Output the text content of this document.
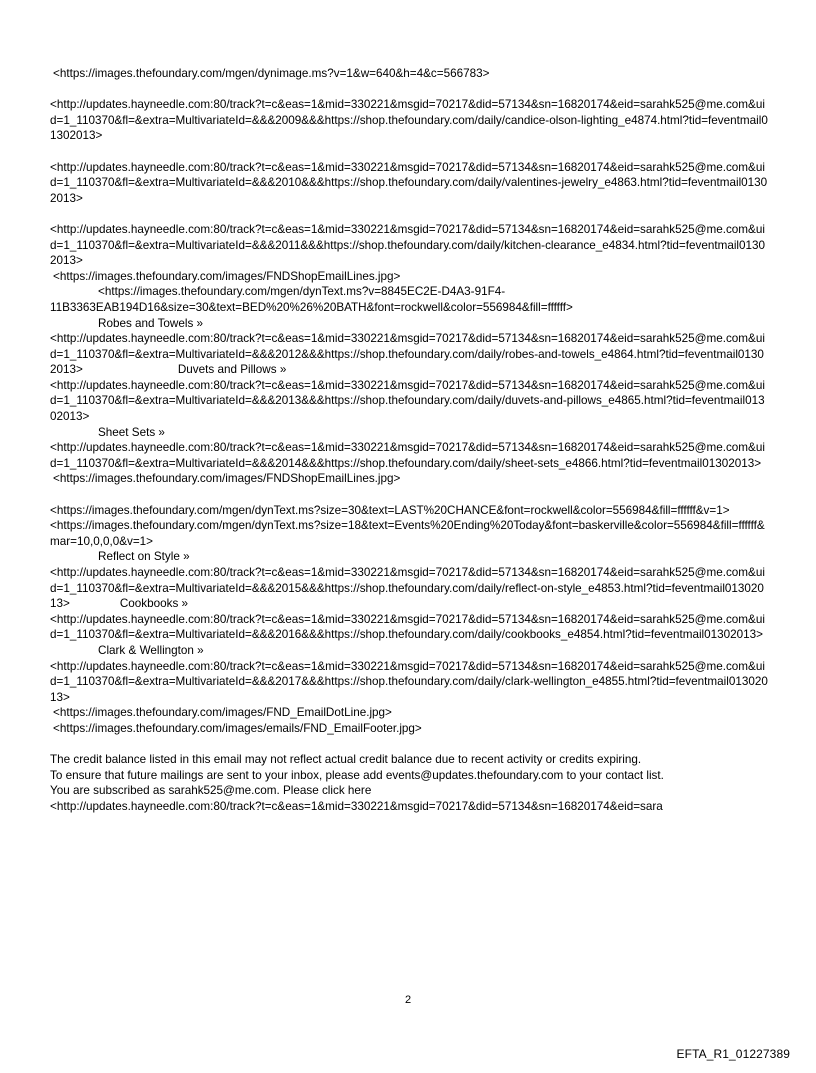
<https://images.thefoundary.com/mgen/dynimage.ms?v=1&w=640&h=4&c=566783>

<http://updates.hayneedle.com:80/track?t=c&eas=1&mid=330221&msgid=70217&did=57134&sn=16820174&eid=sarahk525@me.com&uid=1_110370&fl=&extra=MultivariateId=&&&2009&&&https://shop.thefoundary.com/daily/candice-olson-lighting_e4874.html?tid=feventmail01302013>

<http://updates.hayneedle.com:80/track?t=c&eas=1&mid=330221&msgid=70217&did=57134&sn=16820174&eid=sarahk525@me.com&uid=1_110370&fl=&extra=MultivariateId=&&&2010&&&https://shop.thefoundary.com/daily/valentines-jewelry_e4863.html?tid=feventmail01302013>

<http://updates.hayneedle.com:80/track?t=c&eas=1&mid=330221&msgid=70217&did=57134&sn=16820174&eid=sarahk525@me.com&uid=1_110370&fl=&extra=MultivariateId=&&&2011&&&https://shop.thefoundary.com/daily/kitchen-clearance_e4834.html?tid=feventmail01302013>

<https://images.thefoundary.com/images/FNDShopEmailLines.jpg>

<https://images.thefoundary.com/mgen/dynText.ms?v=8845EC2E-D4A3-91F4-

11B3363EAB194D16&size=30&text=BED%20%26%20BATH&font=rockwell&color=556984&fill=ffffff>

Robes and Towels »

<http://updates.hayneedle.com:80/track?t=c&eas=1&mid=330221&msgid=70217&did=57134&sn=16820174&eid=sarahk525@me.com&uid=1_110370&fl=&extra=MultivariateId=&&&2012&&&https://shop.thefoundary.com/daily/robes-and-towels_e4864.html?tid=feventmail01302013>	Duvets and Pillows »

<http://updates.hayneedle.com:80/track?t=c&eas=1&mid=330221&msgid=70217&did=57134&sn=16820174&eid=sarahk525@me.com&uid=1_110370&fl=&extra=MultivariateId=&&&2013&&&https://shop.thefoundary.com/daily/duvets-and-pillows_e4865.html?tid=feventmail01302013>

Sheet Sets »

<http://updates.hayneedle.com:80/track?t=c&eas=1&mid=330221&msgid=70217&did=57134&sn=16820174&eid=sarahk525@me.com&uid=1_110370&fl=&extra=MultivariateId=&&&2014&&&https://shop.thefoundary.com/daily/sheet-sets_e4866.html?tid=feventmail01302013>

<https://images.thefoundary.com/images/FNDShopEmailLines.jpg>

<https://images.thefoundary.com/mgen/dynText.ms?size=30&text=LAST%20CHANCE&font=rockwell&color=556984&fill=ffffff&v=1>

<https://images.thefoundary.com/mgen/dynText.ms?size=18&text=Events%20Ending%20Today&font=baskerville&color=556984&fill=ffffff&mar=10,0,0,0&v=1>

Reflect on Style »

<http://updates.hayneedle.com:80/track?t=c&eas=1&mid=330221&msgid=70217&did=57134&sn=16820174&eid=sarahk525@me.com&uid=1_110370&fl=&extra=MultivariateId=&&&2015&&&https://shop.thefoundary.com/daily/reflect-on-style_e4853.html?tid=feventmail01302013>	Cookbooks »

<http://updates.hayneedle.com:80/track?t=c&eas=1&mid=330221&msgid=70217&did=57134&sn=16820174&eid=sarahk525@me.com&uid=1_110370&fl=&extra=MultivariateId=&&&2016&&&https://shop.thefoundary.com/daily/cookbooks_e4854.html?tid=feventmail01302013>

Clark & Wellington »

<http://updates.hayneedle.com:80/track?t=c&eas=1&mid=330221&msgid=70217&did=57134&sn=16820174&eid=sarahk525@me.com&uid=1_110370&fl=&extra=MultivariateId=&&&2017&&&https://shop.thefoundary.com/daily/clark-wellington_e4855.html?tid=feventmail01302013>

<https://images.thefoundary.com/images/FND_EmailDotLine.jpg>

<https://images.thefoundary.com/images/emails/FND_EmailFooter.jpg>

The credit balance listed in this email may not reflect actual credit balance due to recent activity or credits expiring.

To ensure that future mailings are sent to your inbox, please add events@updates.thefoundary.com to your contact list.

You are subscribed as sarahk525@me.com. Please click here

<http://updates.hayneedle.com:80/track?t=c&eas=1&mid=330221&msgid=70217&did=57134&sn=16820174&eid=sara

2
EFTA_R1_01227389
